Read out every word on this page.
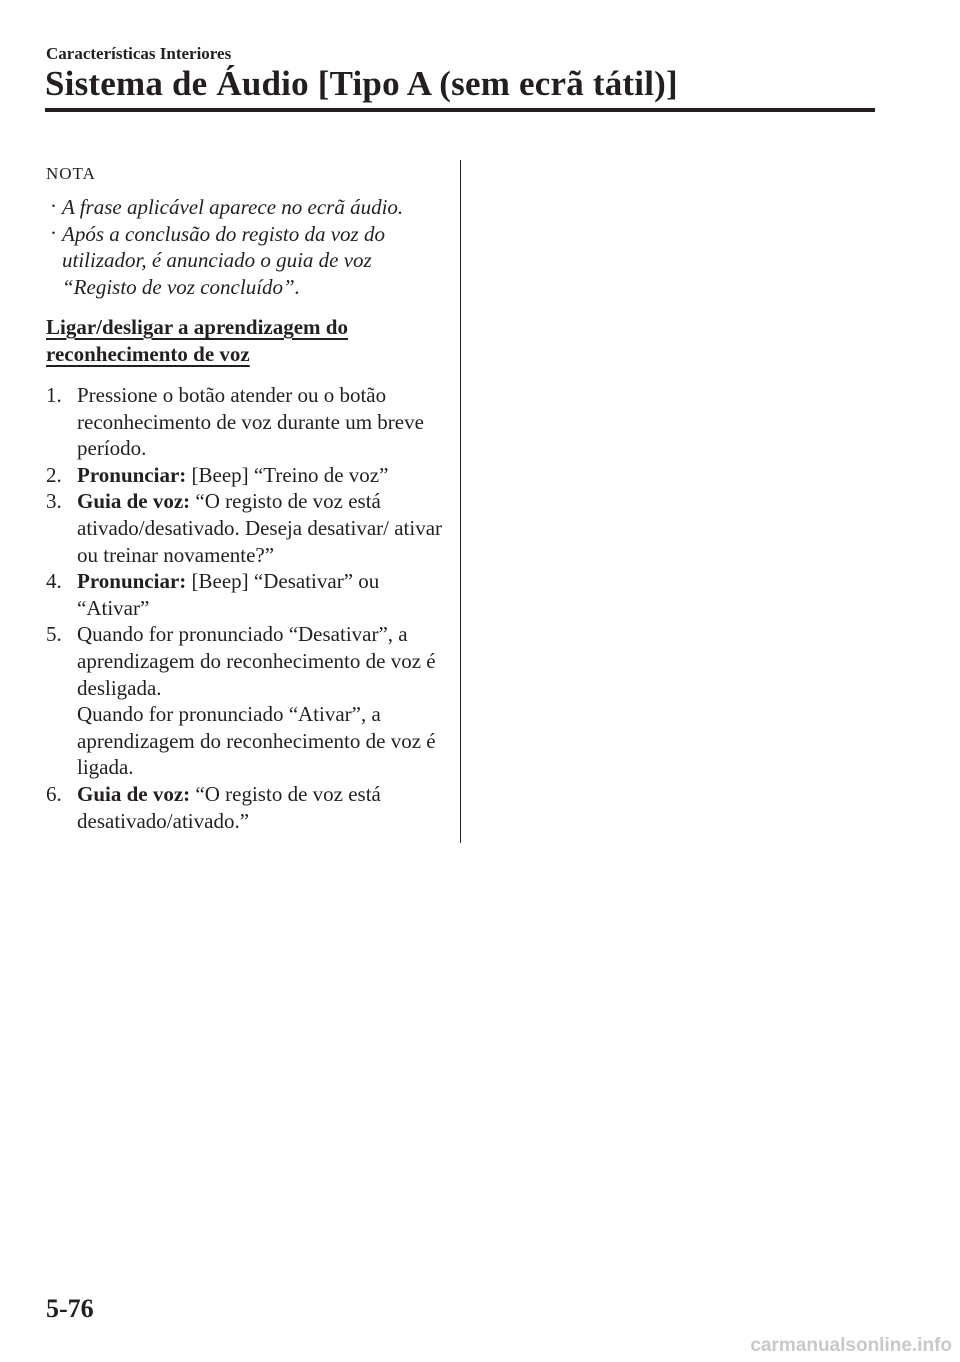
Características Interiores
Sistema de Áudio [Tipo A (sem ecrã tátil)]
NOTA
· A frase aplicável aparece no ecrã áudio.
· Após a conclusão do registo da voz do utilizador, é anunciado o guia de voz “Registo de voz concluído”.
Ligar/desligar a aprendizagem do
reconhecimento de voz
1. Pressione o botão atender ou o botão reconhecimento de voz durante um breve período.
2. Pronunciar: [Beep] “Treino de voz”
3. Guia de voz: “O registo de voz está ativado/desativado. Deseja desativar/ ativar ou treinar novamente?”
4. Pronunciar: [Beep] “Desativar” ou “Ativar”
5. Quando for pronunciado “Desativar”, a aprendizagem do reconhecimento de voz é desligada.
Quando for pronunciado “Ativar”, a aprendizagem do reconhecimento de voz é ligada.
6. Guia de voz: “O registo de voz está desativado/ativado.”
5-76
carmanualsonline.info
